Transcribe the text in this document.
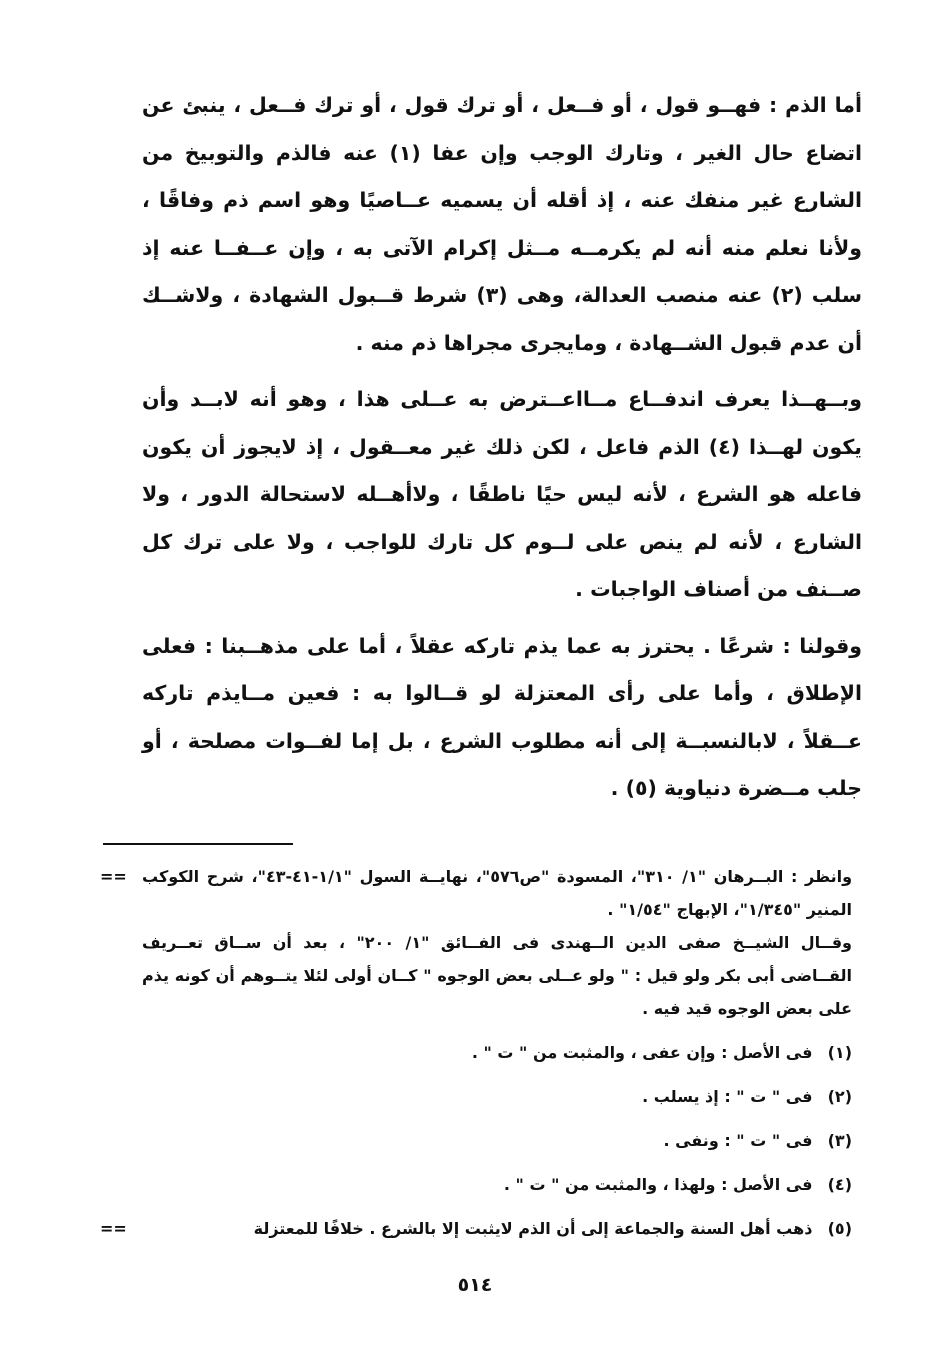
أما الذم : فهــو قول ، أو فــعل ، أو ترك قول ، أو ترك فــعل ، ينبئ عن اتضاع حال الغير ، وتارك الوجب وإن عفا (١) عنه فالذم والتوبيخ من الشارع غير منفك عنه ، إذ أقله أن يسميه عــاصيًا وهو اسم ذم وفاقًا ، ولأنا نعلم منه أنه لم يكرمــه مــثل إكرام الآتى به ، وإن عــفــا عنه إذ سلب (٢) عنه منصب العدالة، وهى (٣) شرط قــبول الشهادة ، ولاشــك أن عدم قبول الشــهادة ، ومايجرى مجراها ذم منه .

وبــهــذا يعرف اندفــاع مــااعــترض به عــلى هذا ، وهو أنه لابــد وأن يكون لهــذا (٤) الذم فاعل ، لكن ذلك غير معــقول ، إذ لايجوز أن يكون فاعله هو الشرع ، لأنه ليس حيًا ناطقًا ، ولاأهــله لاستحالة الدور ، ولا الشارع ، لأنه لم ينص على لــوم كل تارك للواجب ، ولا على ترك كل صــنف من أصناف الواجبات .

وقولنا : شرعًا . يحترز به عما يذم تاركه عقلاً ، أما على مذهــبنا : فعلى الإطلاق ، وأما على رأى المعتزلة لو قــالوا به : فعين مــايذم تاركه عــقلاً ، لابالنسبــة إلى أنه مطلوب الشرع ، بل إما لفــوات مصلحة ، أو جلب مــضرة دنياوية (٥) .

== وانظر : البــرهان "١/ ٣١٠"، المسودة "ص٥٧٦"، نهايــة السول "١/١-٤١-٤٣"، شرح الكوكب المنير "١/٣٤٥"، الإبهاج "١/٥٤" .

وقــال الشيــخ صفى الدين الــهندى فى الفــائق "١/ ٢٠٠" ، بعد أن ســاق تعــريف القــاضى أبى بكر ولو قيل : " ولو عــلى بعض الوجوه " كــان أولى لئلا يتــوهم أن كونه يذم على بعض الوجوه قيد فيه .

(١) فى الأصل : وإن عفى ، والمثبت من " ت " .

(٢) فى " ت " : إذ يسلب .

(٣) فى " ت " : ونفى .

(٤) فى الأصل : ولهذا ، والمثبت من " ت " .

(٥) ذهب أهل السنة والجماعة إلى أن الذم لايثبت إلا بالشرع . خلافًا للمعتزلة
==

٥١٤
